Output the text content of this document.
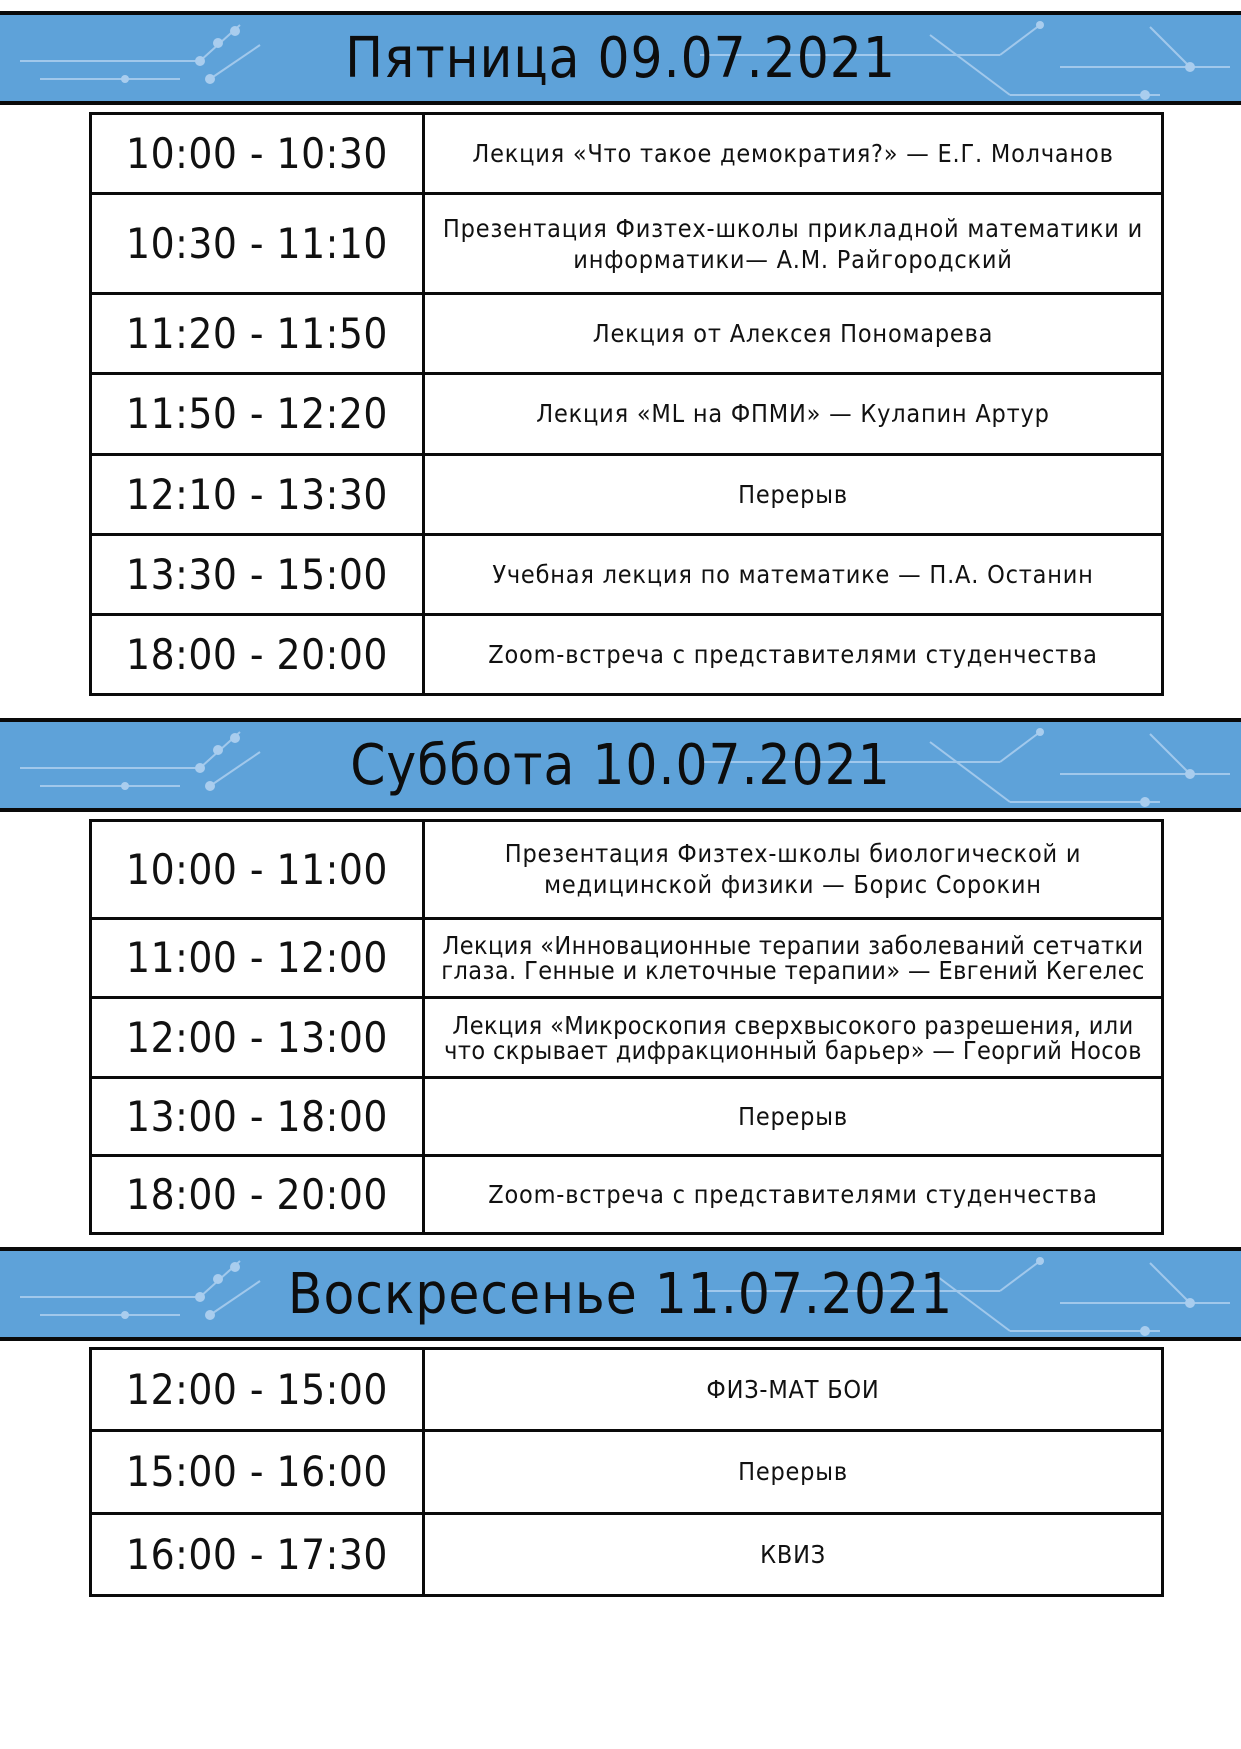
Пятница 09.07.2021
10:00 - 10:30	Лекция «Что такое демократия?» — Е.Г. Молчанов
10:30 - 11:10	Презентация Физтех-школы прикладной математики и информатики— А.М. Райгородский
11:20 - 11:50	Лекция от Алексея Пономарева
11:50 - 12:20	Лекция «ML на ФПМИ» — Кулапин Артур
12:10 - 13:30	Перерыв
13:30 - 15:00	Учебная лекция по математике — П.А. Останин
18:00 - 20:00	Zoom-встреча с представителями студенчества
Суббота 10.07.2021
10:00 - 11:00	Презентация Физтех-школы биологической и медицинской физики — Борис Сорокин
11:00 - 12:00	Лекция «Инновационные терапии заболеваний сетчатки глаза. Генные и клеточные терапии» — Евгений Кегелес
12:00 - 13:00	Лекция «Микроскопия сверхвысокого разрешения, или что скрывает дифракционный барьер» — Георгий Носов
13:00 - 18:00	Перерыв
18:00 - 20:00	Zoom-встреча с представителями студенчества
Воскресенье 11.07.2021
12:00 - 15:00	ФИЗ-МАТ БОИ
15:00 - 16:00	Перерыв
16:00 - 17:30	КВИЗ
